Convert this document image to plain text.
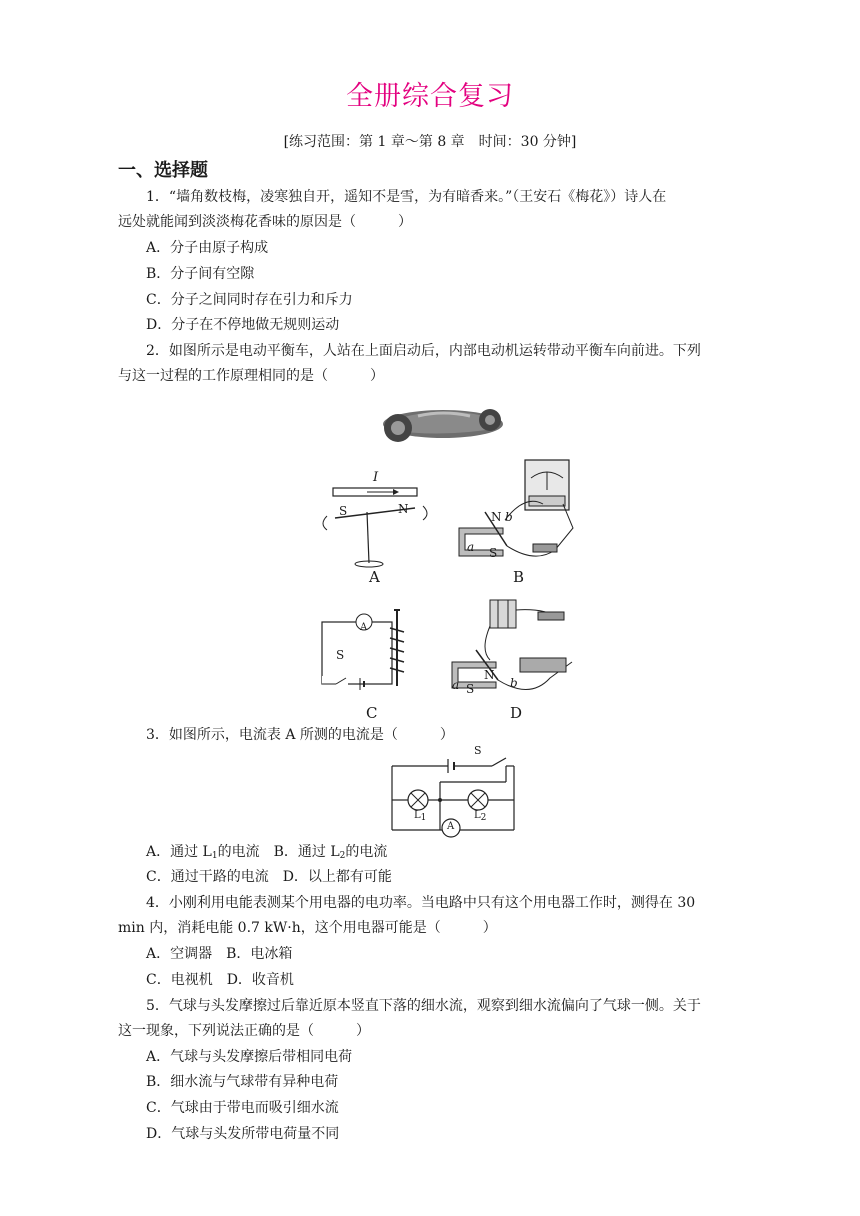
全册综合复习
[练习范围：第 1 章～第 8 章　时间：30 分钟]
一、选择题
1．“墙角数枝梅，凌寒独自开，遥知不是雪，为有暗香来。”（王安石《梅花》）诗人在
远处就能闻到淡淡梅花香味的原因是（　　　）
A．分子由原子构成
B．分子间有空隙
C．分子之间同时存在引力和斥力
D．分子在不停地做无规则运动
2．如图所示是电动平衡车，人站在上面启动后，内部电动机运转带动平衡车向前进。下列
与这一过程的工作原理相同的是（　　　）
I
S	N
A
N b
a S
B
A
S
C
N
b
a S
D
3．如图所示，电流表 A 所测的电流是（　　　）
S
A
$L_1$	$L_2$
A．通过 $L_1$的电流　B．通过 $L_2$的电流
C．通过干路的电流　D．以上都有可能
4．小刚利用电能表测某个用电器的电功率。当电路中只有这个用电器工作时，测得在 30
min 内，消耗电能 0.7 kW·h，这个用电器可能是（　　　）
A．空调器　B．电冰箱
C．电视机　D．收音机
5．气球与头发摩擦过后靠近原本竖直下落的细水流，观察到细水流偏向了气球一侧。关于
这一现象，下列说法正确的是（　　　）
A．气球与头发摩擦后带相同电荷
B．细水流与气球带有异种电荷
C．气球由于带电而吸引细水流
D．气球与头发所带电荷量不同
